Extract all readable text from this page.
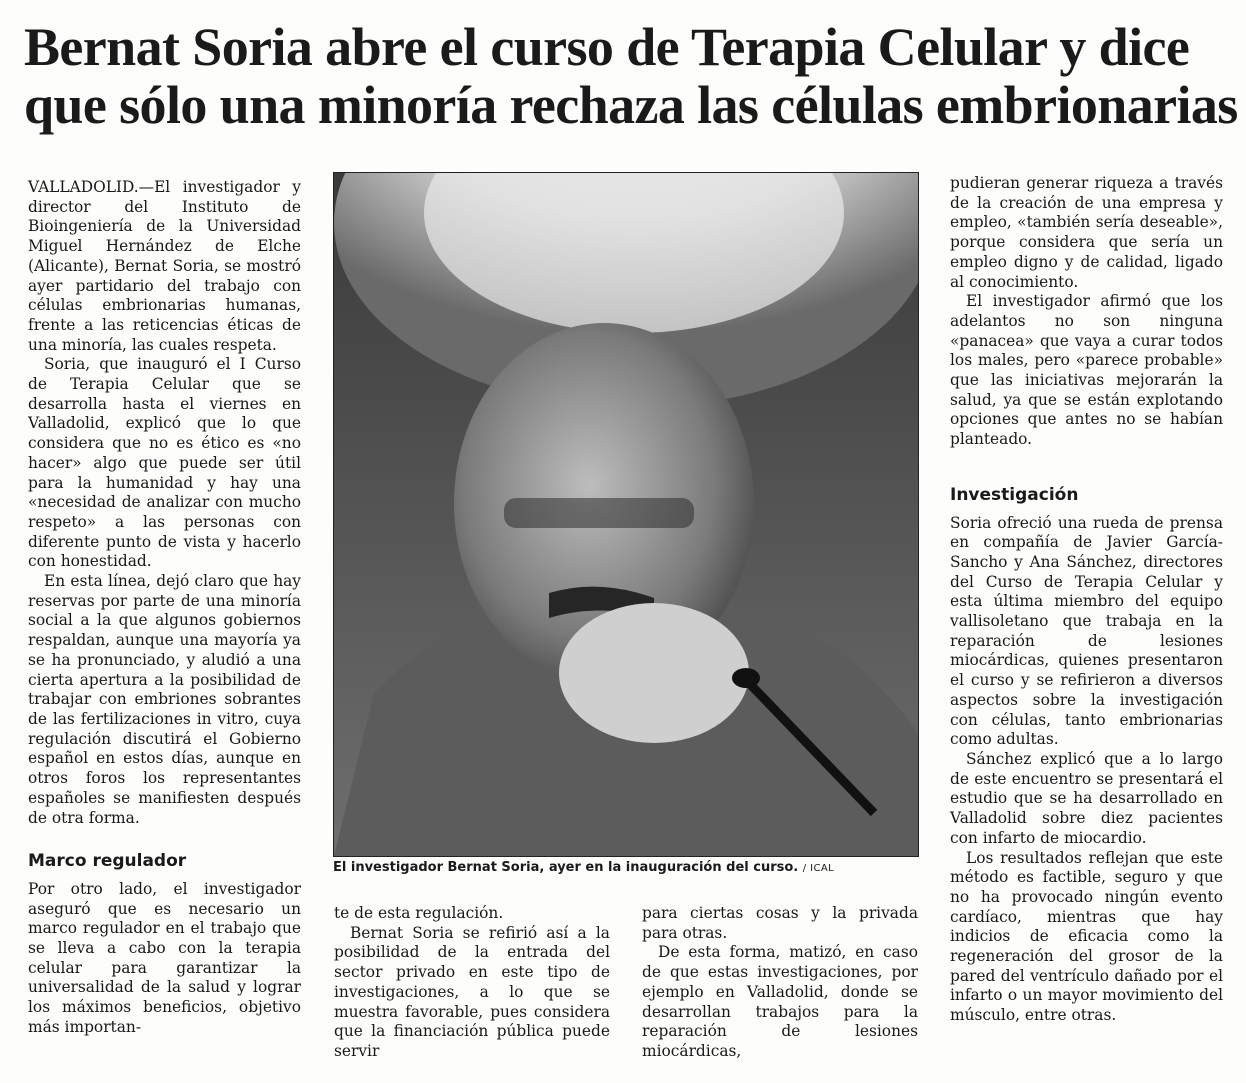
Bernat Soria abre el curso de Terapia Celular y dice
que sólo una minoría rechaza las células embrionarias

VALLADOLID.—El investigador y director del Instituto de Bioingeniería de la Universidad Miguel Hernández de Elche (Alicante), Bernat Soria, se mostró ayer partidario del trabajo con células embrionarias humanas, frente a las reticencias éticas de una minoría, las cuales respeta.

Soria, que inauguró el I Curso de Terapia Celular que se desarrolla hasta el viernes en Valladolid, explicó que lo que considera que no es ético es «no hacer» algo que puede ser útil para la humanidad y hay una «necesidad de analizar con mucho respeto» a las personas con diferente punto de vista y hacerlo con honestidad.

En esta línea, dejó claro que hay reservas por parte de una minoría social a la que algunos gobiernos respaldan, aunque una mayoría ya se ha pronunciado, y aludió a una cierta apertura a la posibilidad de trabajar con embriones sobrantes de las fertilizaciones in vitro, cuya regulación discutirá el Gobierno español en estos días, aunque en otros foros los representantes españoles se manifiesten después de otra forma.

Marco regulador

Por otro lado, el investigador aseguró que es necesario un marco regulador en el trabajo que se lleva a cabo con la terapia celular para garantizar la universalidad de la salud y lograr los máximos beneficios, objetivo más importan-

El investigador Bernat Soria, ayer en la inauguración del curso. / ICAL

te de esta regulación.

Bernat Soria se refirió así a la posibilidad de la entrada del sector privado en este tipo de investigaciones, a lo que se muestra favorable, pues considera que la financiación pública puede servir

para ciertas cosas y la privada para otras.

De esta forma, matizó, en caso de que estas investigaciones, por ejemplo en Valladolid, donde se desarrollan trabajos para la reparación de lesiones miocárdicas,

pudieran generar riqueza a través de la creación de una empresa y empleo, «también sería deseable», porque considera que sería un empleo digno y de calidad, ligado al conocimiento.

El investigador afirmó que los adelantos no son ninguna «panacea» que vaya a curar todos los males, pero «parece probable» que las iniciativas mejorarán la salud, ya que se están explotando opciones que antes no se habían planteado.

Investigación

Soria ofreció una rueda de prensa en compañía de Javier García-Sancho y Ana Sánchez, directores del Curso de Terapia Celular y esta última miembro del equipo vallisoletano que trabaja en la reparación de lesiones miocárdicas, quienes presentaron el curso y se refirieron a diversos aspectos sobre la investigación con células, tanto embrionarias como adultas.

Sánchez explicó que a lo largo de este encuentro se presentará el estudio que se ha desarrollado en Valladolid sobre diez pacientes con infarto de miocardio.

Los resultados reflejan que este método es factible, seguro y que no ha provocado ningún evento cardíaco, mientras que hay indicios de eficacia como la regeneración del grosor de la pared del ventrículo dañado por el infarto o un mayor movimiento del músculo, entre otras.
